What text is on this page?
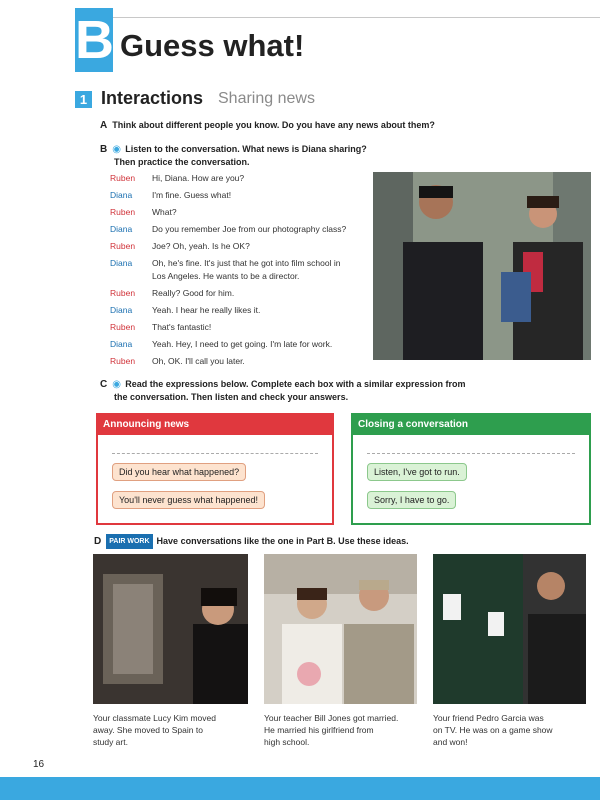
B Guess what!
1 Interactions Sharing news
A Think about different people you know. Do you have any news about them?
B ◉ Listen to the conversation. What news is Diana sharing?
Then practice the conversation.
Ruben	Hi, Diana. How are you?
Diana	I'm fine. Guess what!
Ruben	What?
Diana	Do you remember Joe from our photography class?
Ruben	Joe? Oh, yeah. Is he OK?
Diana	Oh, he's fine. It's just that he got into film school in
Los Angeles. He wants to be a director.
Ruben	Really? Good for him.
Diana	Yeah. I hear he really likes it.
Ruben	That's fantastic!
Diana	Yeah. Hey, I need to get going. I'm late for work.
Ruben	Oh, OK. I'll call you later.
C ◉ Read the expressions below. Complete each box with a similar expression from
the conversation. Then listen and check your answers.
Announcing news
Did you hear what happened?
You'll never guess what happened!
Closing a conversation
Listen, I've got to run.
Sorry, I have to go.
D PAIR WORK Have conversations like the one in Part B. Use these ideas.
Your classmate Lucy Kim moved
away. She moved to Spain to
study art.
Your teacher Bill Jones got married.
He married his girlfriend from
high school.
Your friend Pedro Garcia was
on TV. He was on a game show
and won!
16
